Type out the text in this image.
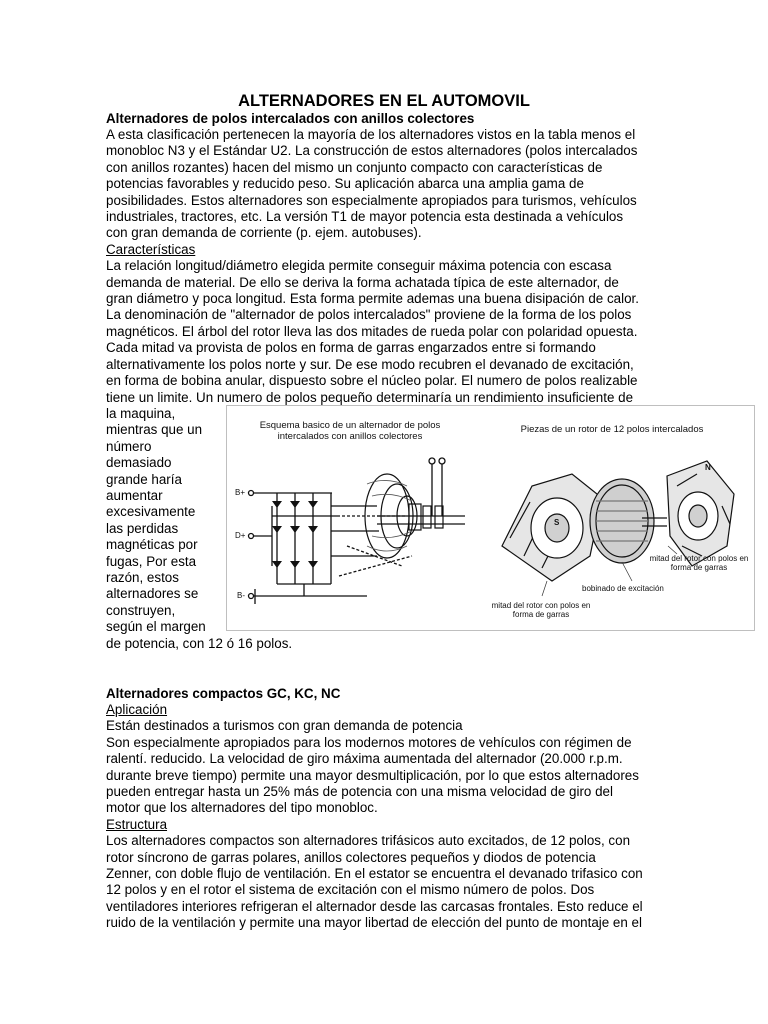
ALTERNADORES EN EL AUTOMOVIL
Alternadores de polos intercalados con anillos colectores
A esta clasificación pertenecen la mayoría de los alternadores vistos en la tabla menos el
monobloc N3 y el Estándar U2. La construcción de estos alternadores (polos intercalados
con anillos rozantes) hacen del mismo un conjunto compacto con características de
potencias favorables y reducido peso. Su aplicación abarca una amplia gama de
posibilidades. Estos alternadores son especialmente apropiados para turismos, vehículos
industriales, tractores, etc. La versión T1 de mayor potencia esta destinada a vehículos
con gran demanda de corriente (p. ejem. autobuses).
Características
La relación longitud/diámetro elegida permite conseguir máxima potencia con escasa
demanda de material. De ello se deriva la forma achatada típica de este alternador, de
gran diámetro y poca longitud. Esta forma permite ademas una buena disipación de calor.
La denominación de "alternador de polos intercalados" proviene de la forma de los polos
magnéticos. El árbol del rotor lleva las dos mitades de rueda polar con polaridad opuesta.
Cada mitad va provista de polos en forma de garras engarzados entre si formando
alternativamente los polos norte y sur. De ese modo recubren el devanado de excitación,
en forma de bobina anular, dispuesto sobre el núcleo polar. El numero de polos realizable
tiene un limite. Un numero de polos pequeño determinaría un rendimiento insuficiente de
la maquina,
mientras que un
número
demasiado
grande haría
aumentar
excesivamente
las perdidas
magnéticas por
fugas, Por esta
razón, estos
alternadores se
construyen,
según el margen
de potencia, con 12 ó 16 polos.
Alternadores compactos GC, KC, NC
Aplicación
Están destinados a turismos con gran demanda de potencia
Son especialmente apropiados para los modernos motores de vehículos con régimen de
ralentí. reducido. La velocidad de giro máxima aumentada del alternador (20.000 r.p.m.
durante breve tiempo) permite una mayor desmultiplicación, por lo que estos alternadores
pueden entregar hasta un 25% más de potencia con una misma velocidad de giro del
motor que los alternadores del tipo monobloc.
Estructura
Los alternadores compactos son alternadores trifásicos auto excitados, de 12 polos, con
rotor síncrono de garras polares, anillos colectores pequeños y diodos de potencia
Zenner, con doble flujo de ventilación. En el estator se encuentra el devanado trifasico con
12 polos y en el rotor el sistema de excitación con el mismo número de polos. Dos
ventiladores interiores refrigeran el alternador desde las carcasas frontales. Esto reduce el
ruido de la ventilación y permite una mayor libertad de elección del punto de montaje en el
Esquema basico de un alternador de polos
intercalados con anillos colectores
B+
D+
B-
Piezas de un rotor de 12 polos intercalados
S
N
mitad del rotor con polos en
forma de garras
bobinado de excitación
mitad del rotor con polos en
forma de garras
